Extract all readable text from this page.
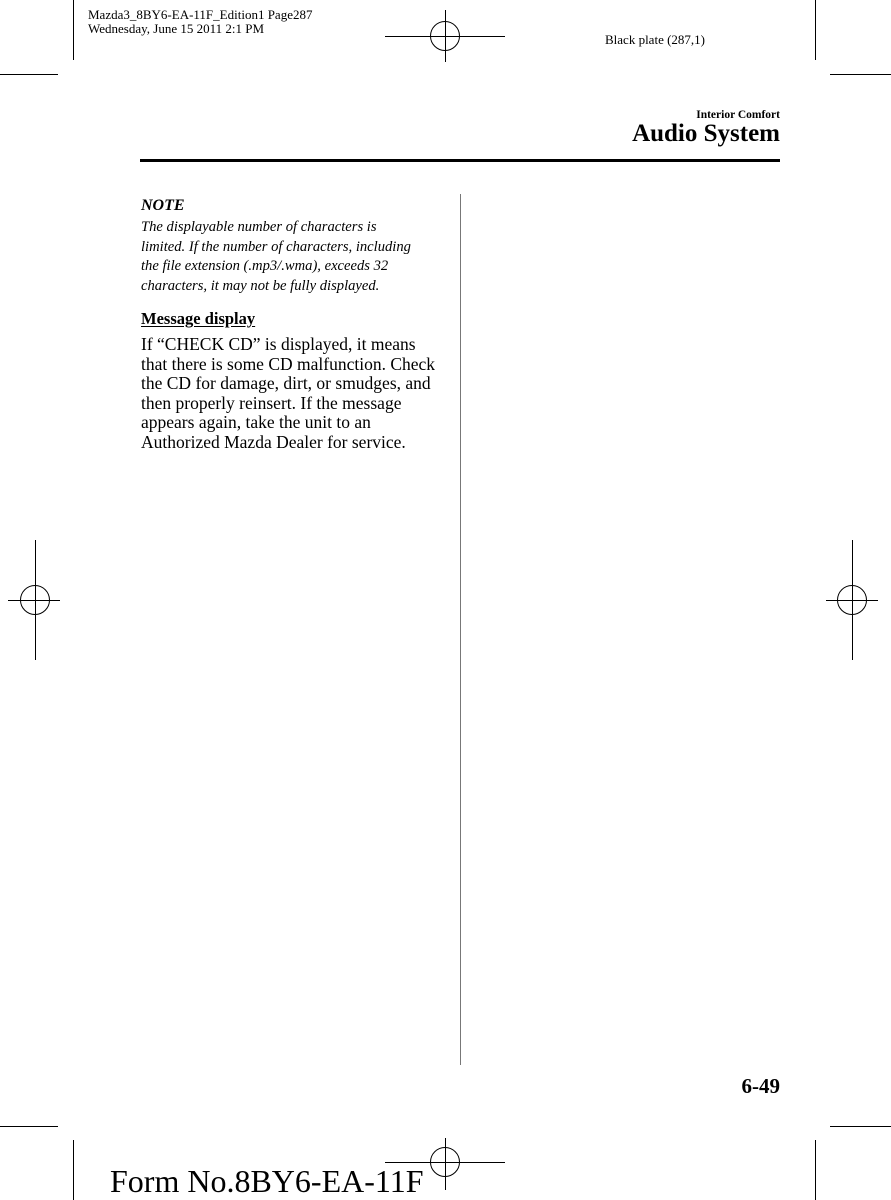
Mazda3_8BY6-EA-11F_Edition1 Page287
Wednesday, June 15 2011 2:1 PM
Black plate (287,1)
Interior Comfort
Audio System
NOTE
The displayable number of characters is
limited. If the number of characters, including
the file extension (.mp3/.wma), exceeds 32
characters, it may not be fully displayed.
Message display
If “CHECK CD” is displayed, it means
that there is some CD malfunction. Check
the CD for damage, dirt, or smudges, and
then properly reinsert. If the message
appears again, take the unit to an
Authorized Mazda Dealer for service.
6-49
Form No.8BY6-EA-11F
